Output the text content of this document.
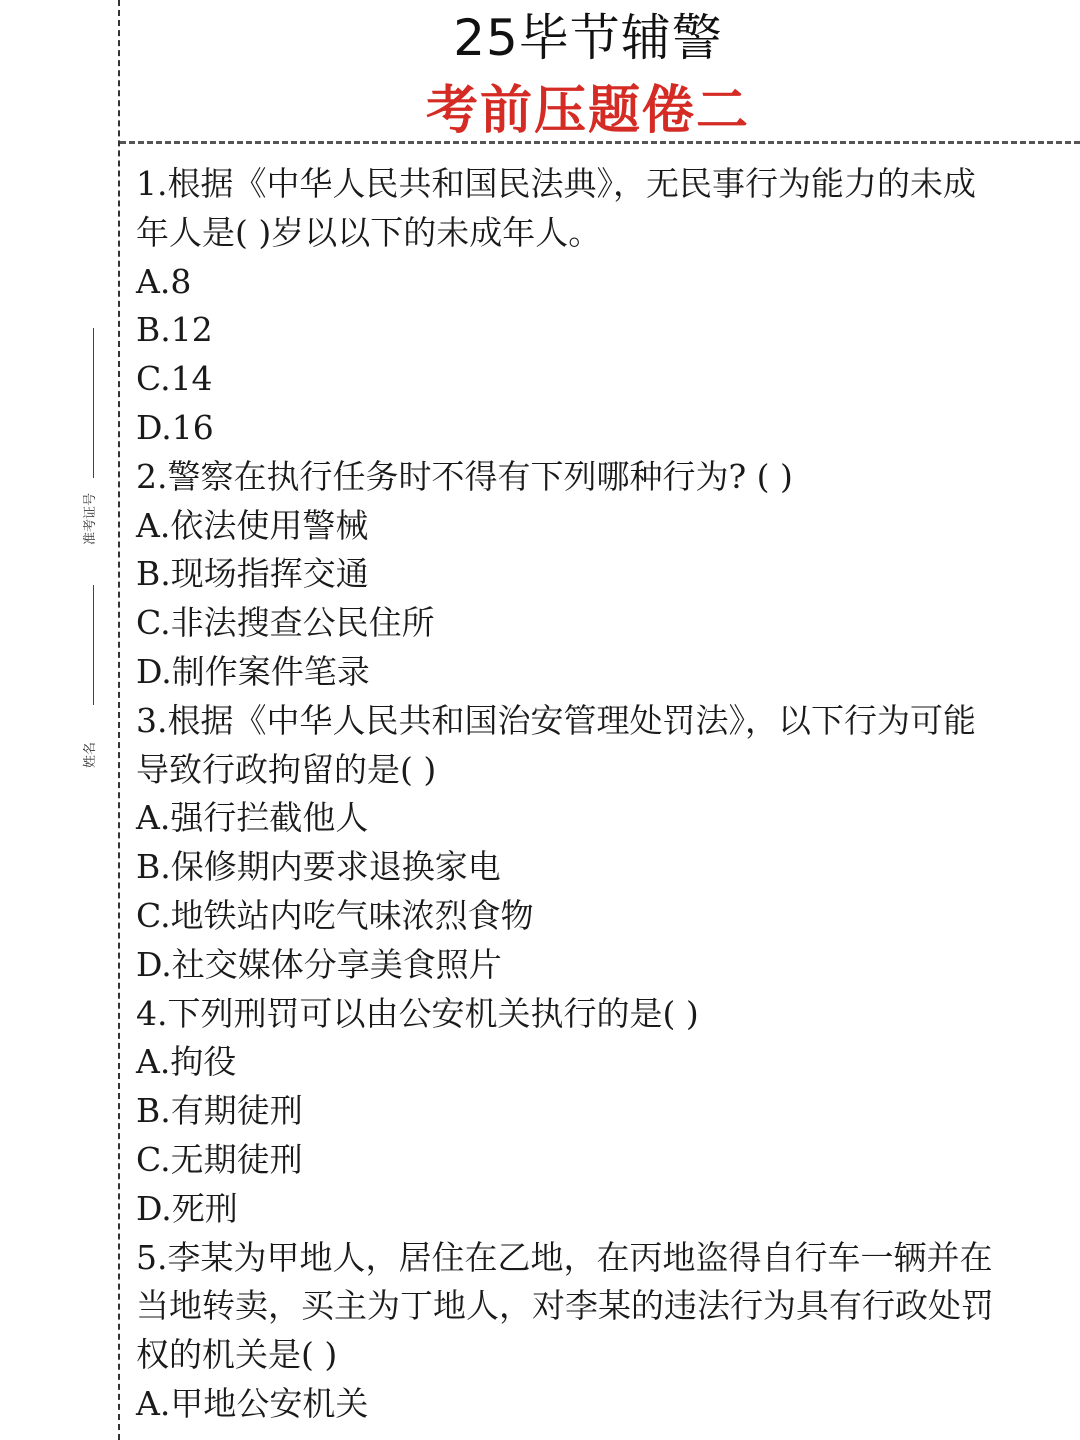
25毕节辅警
考前压题倦二
准考证号
姓名
1.根据《中华人民共和国民法典》，无民事行为能力的未成
年人是( )岁以以下的未成年人。
A.8
B.12
C.14
D.16
2.警察在执行任务时不得有下列哪种行为? ( )
A.依法使用警械
B.现场指挥交通
C.非法搜查公民住所
D.制作案件笔录
3.根据《中华人民共和国治安管理处罚法》，以下行为可能
导致行政拘留的是( )
A.强行拦截他人
B.保修期内要求退换家电
C.地铁站内吃气味浓烈食物
D.社交媒体分享美食照片
4.下列刑罚可以由公安机关执行的是( )
A.拘役
B.有期徒刑
C.无期徒刑
D.死刑
5.李某为甲地人，居住在乙地，在丙地盗得自行车一辆并在
当地转卖，买主为丁地人，对李某的违法行为具有行政处罚
权的机关是( )
A.甲地公安机关
